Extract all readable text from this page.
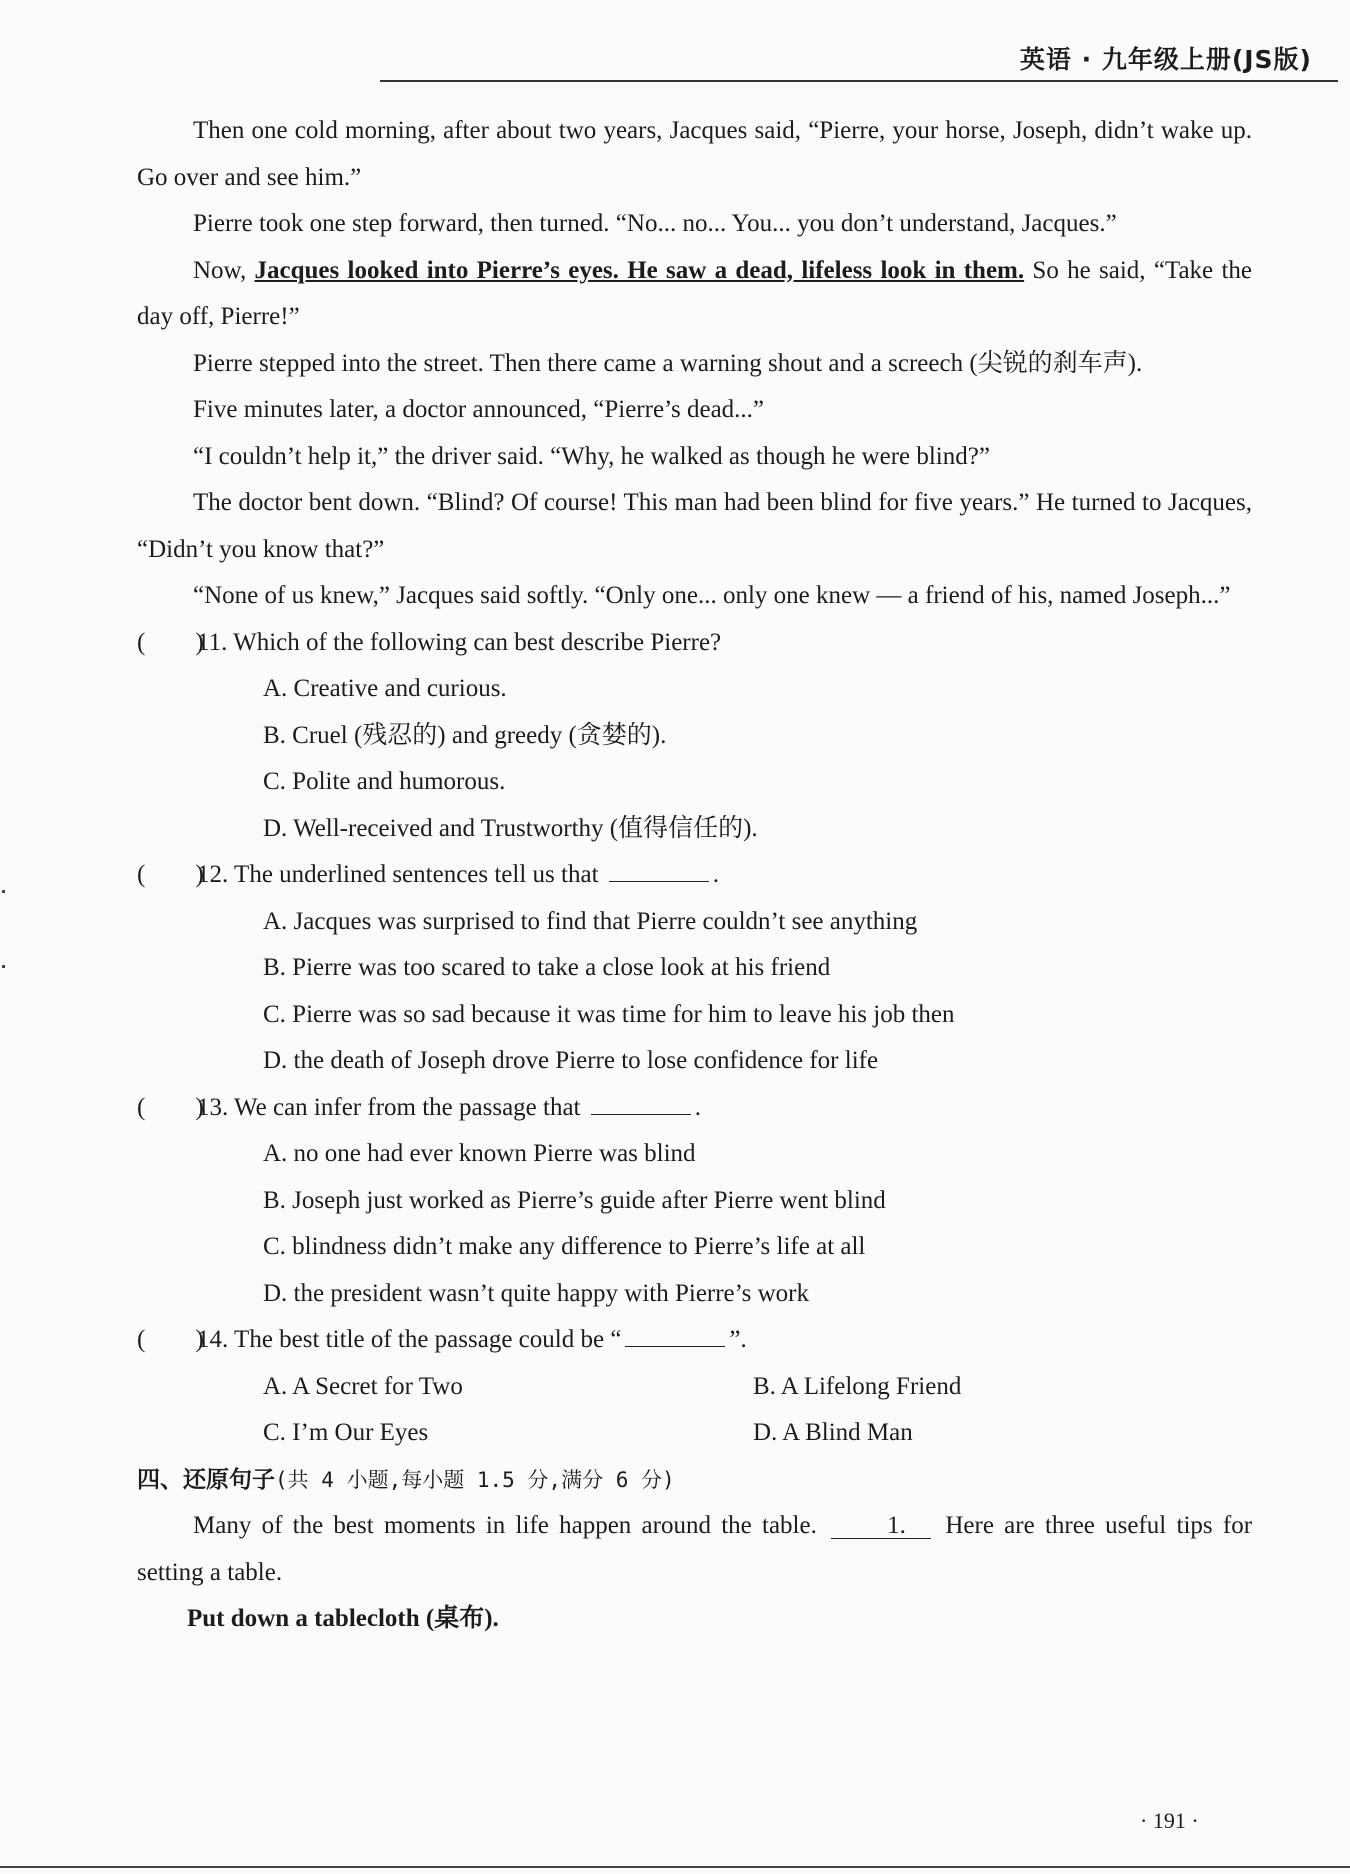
英语 · 九年级上册(JS版)

Then one cold morning, after about two years, Jacques said, “Pierre, your horse, Joseph, didn’t wake up. Go over and see him.”

Pierre took one step forward, then turned. “No... no... You... you don’t understand, Jacques.”

Now, Jacques looked into Pierre’s eyes. He saw a dead, lifeless look in them. So he said, “Take the day off, Pierre!”

Pierre stepped into the street. Then there came a warning shout and a screech (尖锐的刹车声).

Five minutes later, a doctor announced, “Pierre’s dead...”

“I couldn’t help it,” the driver said. “Why, he walked as though he were blind?”

The doctor bent down. “Blind? Of course! This man had been blind for five years.” He turned to Jacques, “Didn’t you know that?”

“None of us knew,” Jacques said softly. “Only one... only one knew — a friend of his, named Joseph...”

(　　)
11. Which of the following can best describe Pierre?

A. Creative and curious.

B. Cruel (残忍的) and greedy (贪婪的).

C. Polite and humorous.

D. Well-received and Trustworthy (值得信任的).

(　　)
12. The underlined sentences tell us that	.

A. Jacques was surprised to find that Pierre couldn’t see anything

B. Pierre was too scared to take a close look at his friend

C. Pierre was so sad because it was time for him to leave his job then

D. the death of Joseph drove Pierre to lose confidence for life

(　　)
13. We can infer from the passage that	.

A. no one had ever known Pierre was blind

B. Joseph just worked as Pierre’s guide after Pierre went blind

C. blindness didn’t make any difference to Pierre’s life at all

D. the president wasn’t quite happy with Pierre’s work

(　　)
14. The best title of the passage could be “	”.
A. A Secret for Two	B. A Lifelong Friend
C. I’m Our Eyes	D. A Blind Man

四、还原句子(共 4 小题,每小题 1.5 分,满分 6 分)

Many of the best moments in life happen around the table. 1. Here are three useful tips for setting a table.

Put down a tablecloth (桌布).

· 191 ·
